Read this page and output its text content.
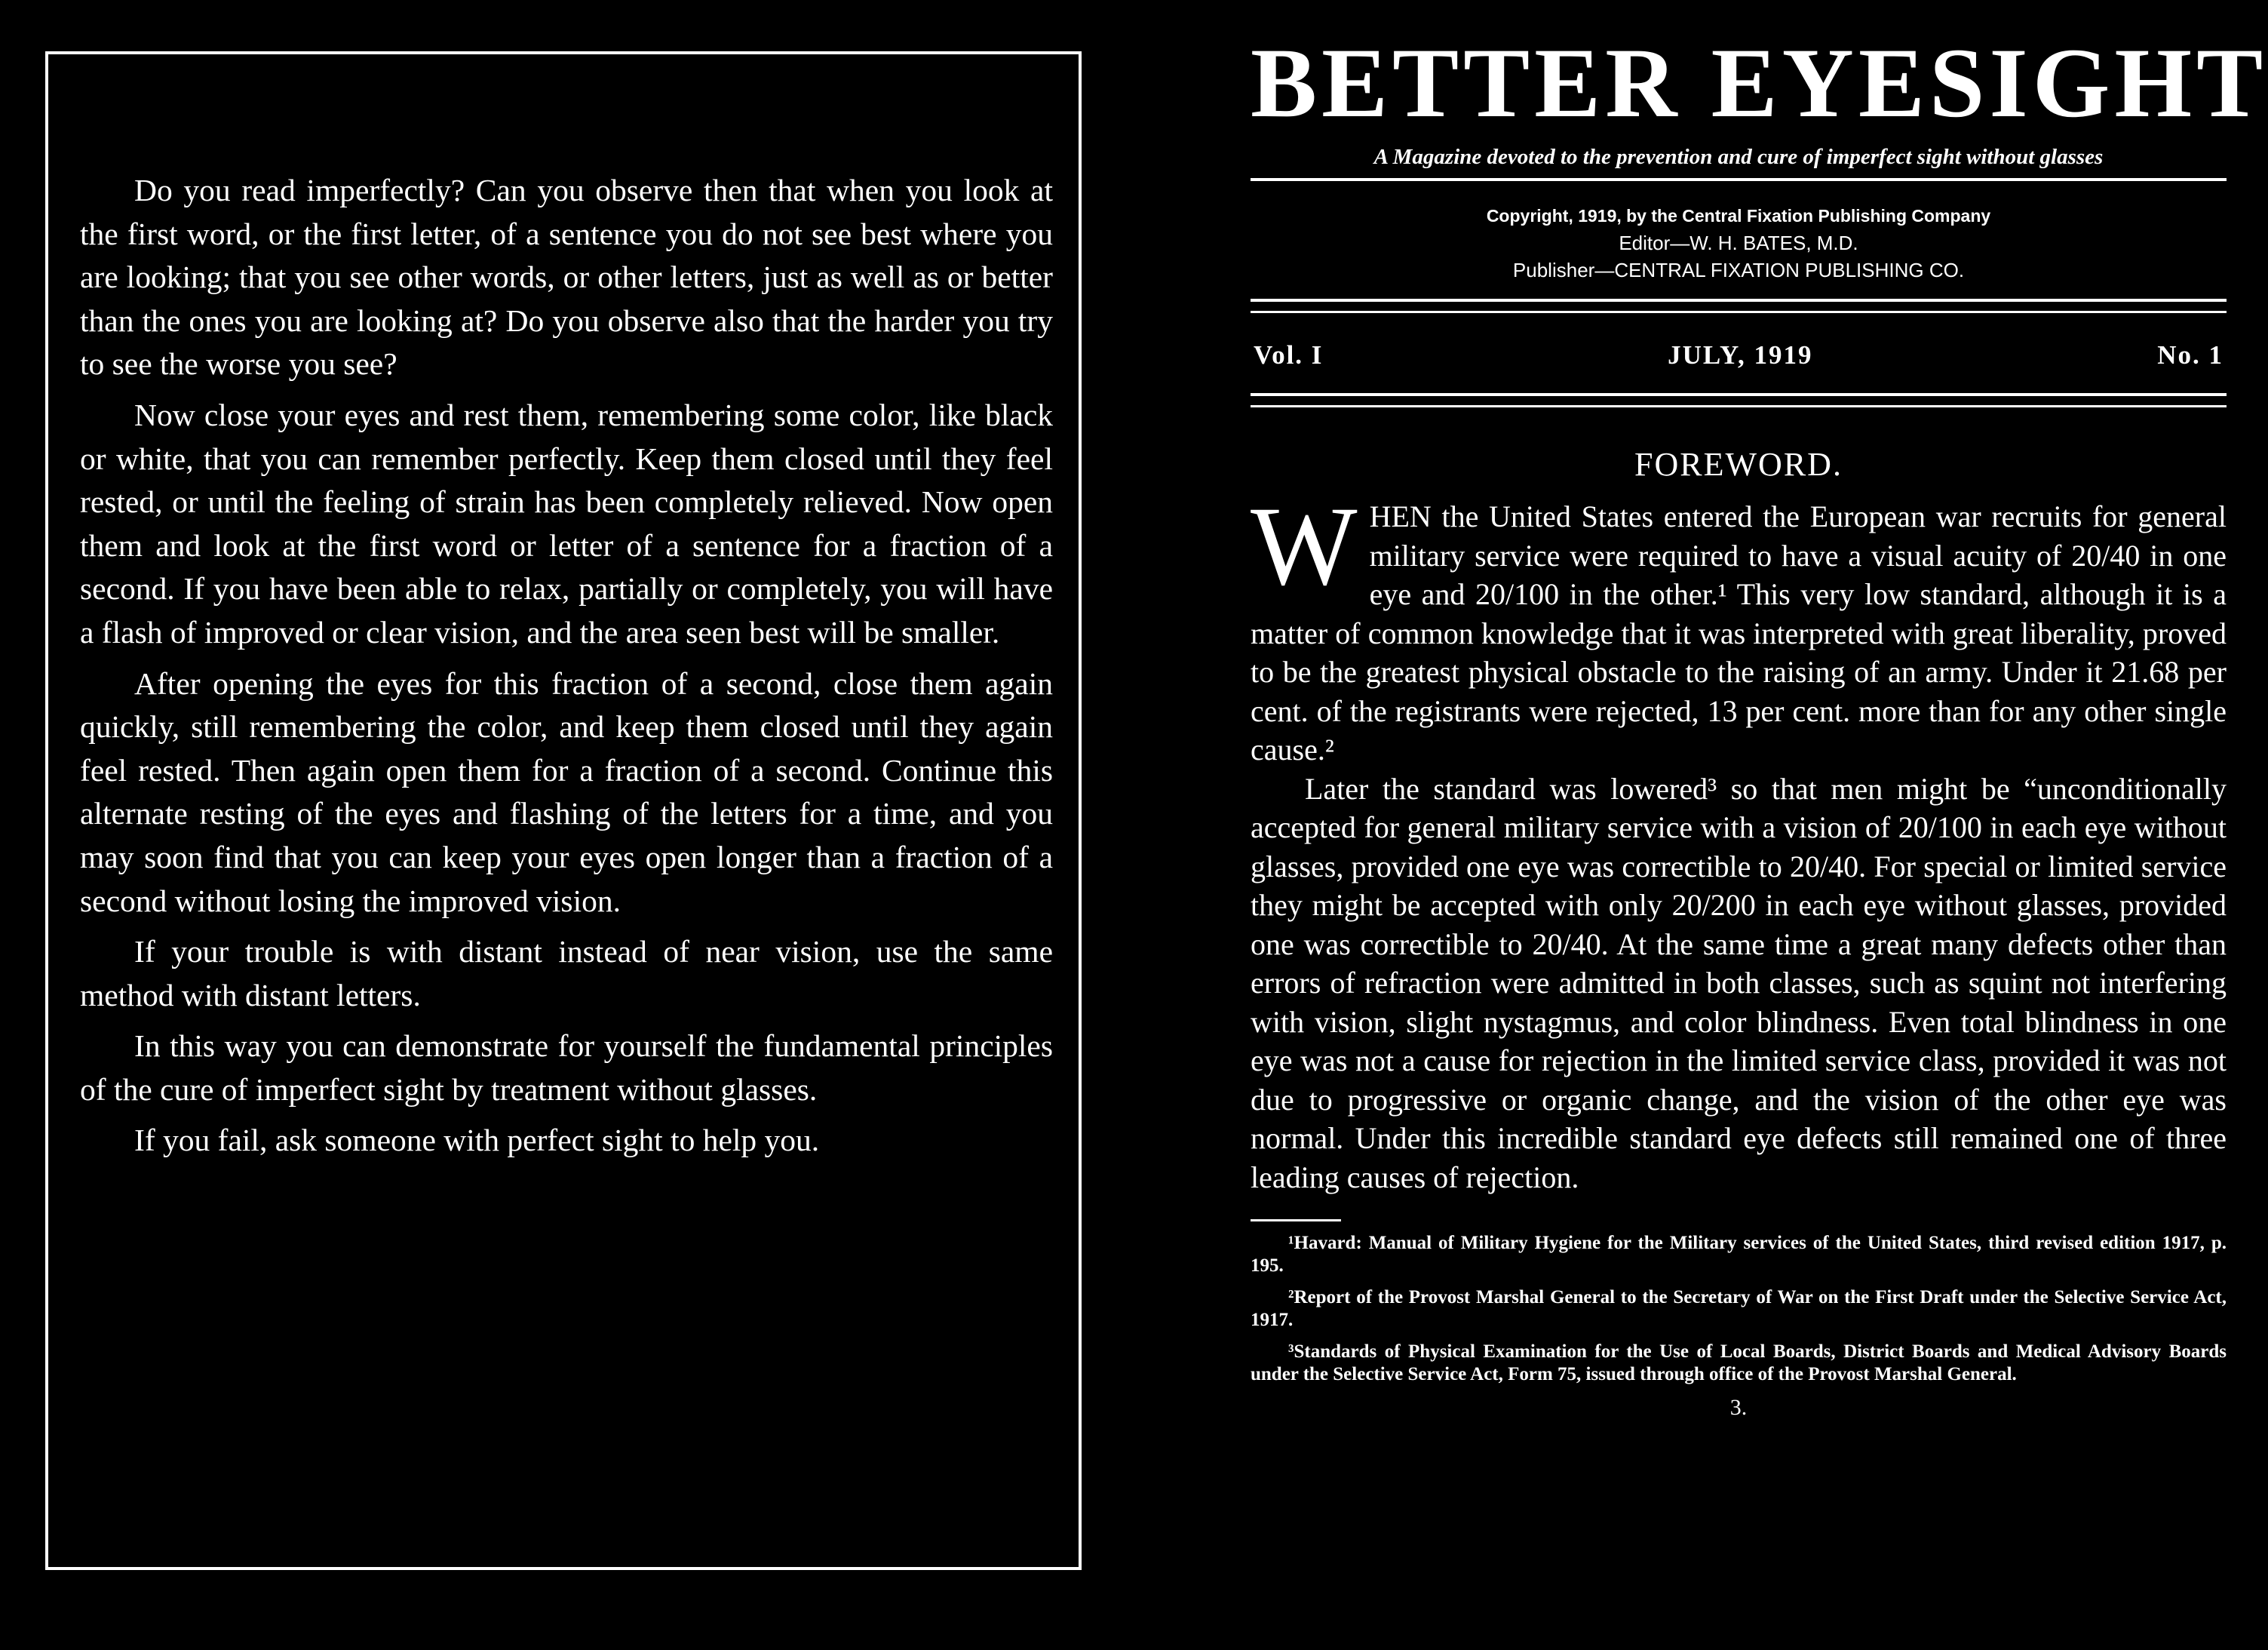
Do you read imperfectly? Can you observe then that when you look at the first word, or the first letter, of a sentence you do not see best where you are looking; that you see other words, or other letters, just as well as or better than the ones you are looking at? Do you observe also that the harder you try to see the worse you see?

Now close your eyes and rest them, remembering some color, like black or white, that you can remember perfectly. Keep them closed until they feel rested, or until the feeling of strain has been completely relieved. Now open them and look at the first word or letter of a sentence for a fraction of a second. If you have been able to relax, partially or completely, you will have a flash of improved or clear vision, and the area seen best will be smaller.

After opening the eyes for this fraction of a second, close them again quickly, still remembering the color, and keep them closed until they again feel rested. Then again open them for a fraction of a second. Continue this alternate resting of the eyes and flashing of the letters for a time, and you may soon find that you can keep your eyes open longer than a fraction of a second without losing the improved vision.

If your trouble is with distant instead of near vision, use the same method with distant letters.

In this way you can demonstrate for yourself the fundamental principles of the cure of imperfect sight by treatment without glasses.

If you fail, ask someone with perfect sight to help you.

BETTER EYESIGHT
A Magazine devoted to the prevention and cure of imperfect sight without glasses
Copyright, 1919, by the Central Fixation Publishing Company
Editor—W. H. BATES, M.D.
Publisher—CENTRAL FIXATION PUBLISHING CO.
Vol. I	JULY, 1919	No. 1
FOREWORD.

WHEN the United States entered the European war recruits for general military service were required to have a visual acuity of 20/40 in one eye and 20/100 in the other.¹ This very low standard, although it is a matter of common knowledge that it was interpreted with great liberality, proved to be the greatest physical obstacle to the raising of an army. Under it 21.68 per cent. of the registrants were rejected, 13 per cent. more than for any other single cause.²

Later the standard was lowered³ so that men might be “unconditionally accepted for general military service with a vision of 20/100 in each eye without glasses, provided one eye was correctible to 20/40. For special or limited service they might be accepted with only 20/200 in each eye without glasses, provided one was correctible to 20/40. At the same time a great many defects other than errors of refraction were admitted in both classes, such as squint not interfering with vision, slight nystagmus, and color blindness. Even total blindness in one eye was not a cause for rejection in the limited service class, provided it was not due to progressive or organic change, and the vision of the other eye was normal. Under this incredible standard eye defects still remained one of three leading causes of rejection.

¹Havard: Manual of Military Hygiene for the Military services of the United States, third revised edition 1917, p. 195.

²Report of the Provost Marshal General to the Secretary of War on the First Draft under the Selective Service Act, 1917.

³Standards of Physical Examination for the Use of Local Boards, District Boards and Medical Advisory Boards under the Selective Service Act, Form 75, issued through office of the Provost Marshal General.

3.
